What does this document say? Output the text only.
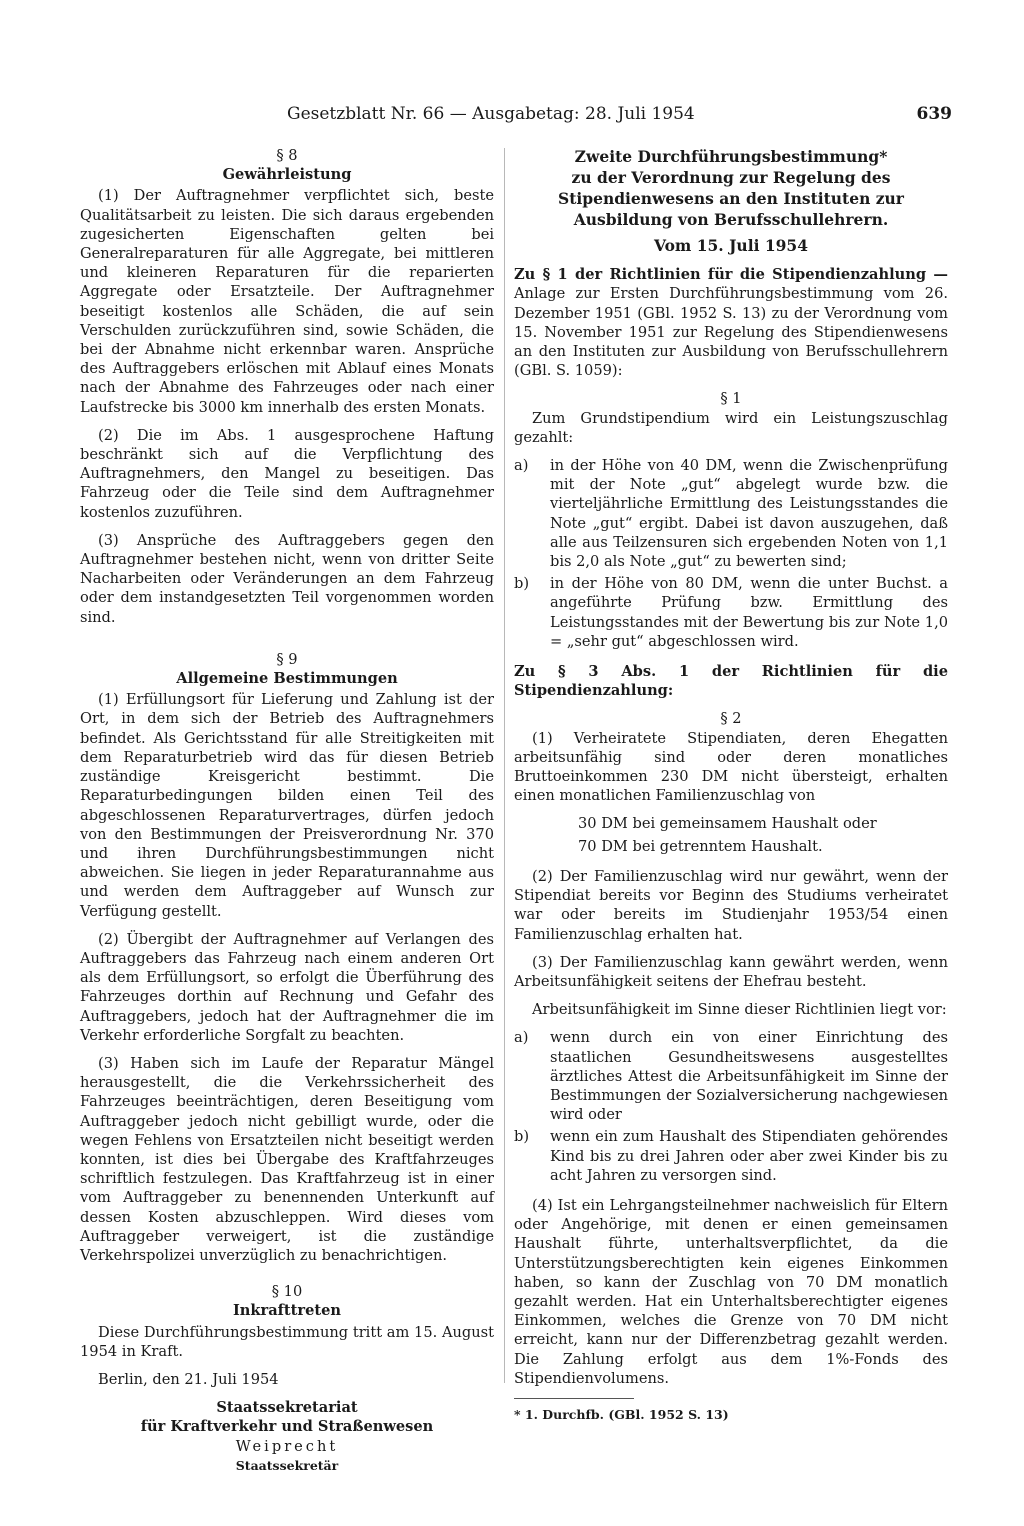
Gesetzblatt Nr. 66 — Ausgabetag: 28. Juli 1954	639
§ 8
Gewährleistung

(1) Der Auftragnehmer verpflichtet sich, beste Qualitätsarbeit zu leisten. Die sich daraus ergebenden zugesicherten Eigenschaften gelten bei Generalreparaturen für alle Aggregate, bei mittleren und kleineren Reparaturen für die reparierten Aggregate oder Ersatzteile. Der Auftragnehmer beseitigt kostenlos alle Schäden, die auf sein Verschulden zurückzuführen sind, sowie Schäden, die bei der Abnahme nicht erkennbar waren. Ansprüche des Auftraggebers erlöschen mit Ablauf eines Monats nach der Abnahme des Fahrzeuges oder nach einer Laufstrecke bis 3000 km innerhalb des ersten Monats.

(2) Die im Abs. 1 ausgesprochene Haftung beschränkt sich auf die Verpflichtung des Auftragnehmers, den Mangel zu beseitigen. Das Fahrzeug oder die Teile sind dem Auftragnehmer kostenlos zuzuführen.

(3) Ansprüche des Auftraggebers gegen den Auftragnehmer bestehen nicht, wenn von dritter Seite Nacharbeiten oder Veränderungen an dem Fahrzeug oder dem instandgesetzten Teil vorgenommen worden sind.

§ 9
Allgemeine Bestimmungen

(1) Erfüllungsort für Lieferung und Zahlung ist der Ort, in dem sich der Betrieb des Auftragnehmers befindet. Als Gerichtsstand für alle Streitigkeiten mit dem Reparaturbetrieb wird das für diesen Betrieb zuständige Kreisgericht bestimmt. Die Reparaturbedingungen bilden einen Teil des abgeschlossenen Reparaturvertrages, dürfen jedoch von den Bestimmungen der Preisverordnung Nr. 370 und ihren Durchführungsbestimmungen nicht abweichen. Sie liegen in jeder Reparaturannahme aus und werden dem Auftraggeber auf Wunsch zur Verfügung gestellt.

(2) Übergibt der Auftragnehmer auf Verlangen des Auftraggebers das Fahrzeug nach einem anderen Ort als dem Erfüllungsort, so erfolgt die Überführung des Fahrzeuges dorthin auf Rechnung und Gefahr des Auftraggebers, jedoch hat der Auftragnehmer die im Verkehr erforderliche Sorgfalt zu beachten.

(3) Haben sich im Laufe der Reparatur Mängel herausgestellt, die die Verkehrssicherheit des Fahrzeuges beeinträchtigen, deren Beseitigung vom Auftraggeber jedoch nicht gebilligt wurde, oder die wegen Fehlens von Ersatzteilen nicht beseitigt werden konnten, ist dies bei Übergabe des Kraftfahrzeuges schriftlich festzulegen. Das Kraftfahrzeug ist in einer vom Auftraggeber zu benennenden Unterkunft auf dessen Kosten abzuschleppen. Wird dieses vom Auftraggeber verweigert, ist die zuständige Verkehrspolizei unverzüglich zu benachrichtigen.

§ 10
Inkrafttreten

Diese Durchführungsbestimmung tritt am 15. August 1954 in Kraft.

Berlin, den 21. Juli 1954

Staatssekretariat
für Kraftverkehr und Straßenwesen
Weiprecht
Staatssekretär
Zweite Durchführungsbestimmung*
zu der Verordnung zur Regelung des Stipendienwesens an den Instituten zur Ausbildung von Berufsschullehrern.
Vom 15. Juli 1954

Zu § 1 der Richtlinien für die Stipendienzahlung — Anlage zur Ersten Durchführungsbestimmung vom 26. Dezember 1951 (GBl. 1952 S. 13) zu der Verordnung vom 15. November 1951 zur Regelung des Stipendienwesens an den Instituten zur Ausbildung von Berufsschullehrern (GBl. S. 1059):

§ 1

Zum Grundstipendium wird ein Leistungszuschlag gezahlt:

a)	in der Höhe von 40 DM, wenn die Zwischenprüfung mit der Note „gut“ abgelegt wurde bzw. die vierteljährliche Ermittlung des Leistungsstandes die Note „gut“ ergibt. Dabei ist davon auszugehen, daß alle aus Teilzensuren sich ergebenden Noten von 1,1 bis 2,0 als Note „gut“ zu bewerten sind;
b)	in der Höhe von 80 DM, wenn die unter Buchst. a angeführte Prüfung bzw. Ermittlung des Leistungsstandes mit der Bewertung bis zur Note 1,0 = „sehr gut“ abgeschlossen wird.

Zu § 3 Abs. 1 der Richtlinien für die Stipendienzahlung:

§ 2

(1) Verheiratete Stipendiaten, deren Ehegatten arbeitsunfähig sind oder deren monatliches Bruttoeinkommen 230 DM nicht übersteigt, erhalten einen monatlichen Familienzuschlag von

30 DM bei gemeinsamem Haushalt oder
70 DM bei getrenntem Haushalt.

(2) Der Familienzuschlag wird nur gewährt, wenn der Stipendiat bereits vor Beginn des Studiums verheiratet war oder bereits im Studienjahr 1953/54 einen Familienzuschlag erhalten hat.

(3) Der Familienzuschlag kann gewährt werden, wenn Arbeitsunfähigkeit seitens der Ehefrau besteht.

Arbeitsunfähigkeit im Sinne dieser Richtlinien liegt vor:

a)	wenn durch ein von einer Einrichtung des staatlichen Gesundheitswesens ausgestelltes ärztliches Attest die Arbeitsunfähigkeit im Sinne der Bestimmungen der Sozialversicherung nachgewiesen wird oder
b)	wenn ein zum Haushalt des Stipendiaten gehörendes Kind bis zu drei Jahren oder aber zwei Kinder bis zu acht Jahren zu versorgen sind.

(4) Ist ein Lehrgangsteilnehmer nachweislich für Eltern oder Angehörige, mit denen er einen gemeinsamen Haushalt führte, unterhaltsverpflichtet, da die Unterstützungsberechtigten kein eigenes Einkommen haben, so kann der Zuschlag von 70 DM monatlich gezahlt werden. Hat ein Unterhaltsberechtigter eigenes Einkommen, welches die Grenze von 70 DM nicht erreicht, kann nur der Differenzbetrag gezahlt werden. Die Zahlung erfolgt aus dem 1%-Fonds des Stipendienvolumens.

* 1. Durchfb. (GBl. 1952 S. 13)
